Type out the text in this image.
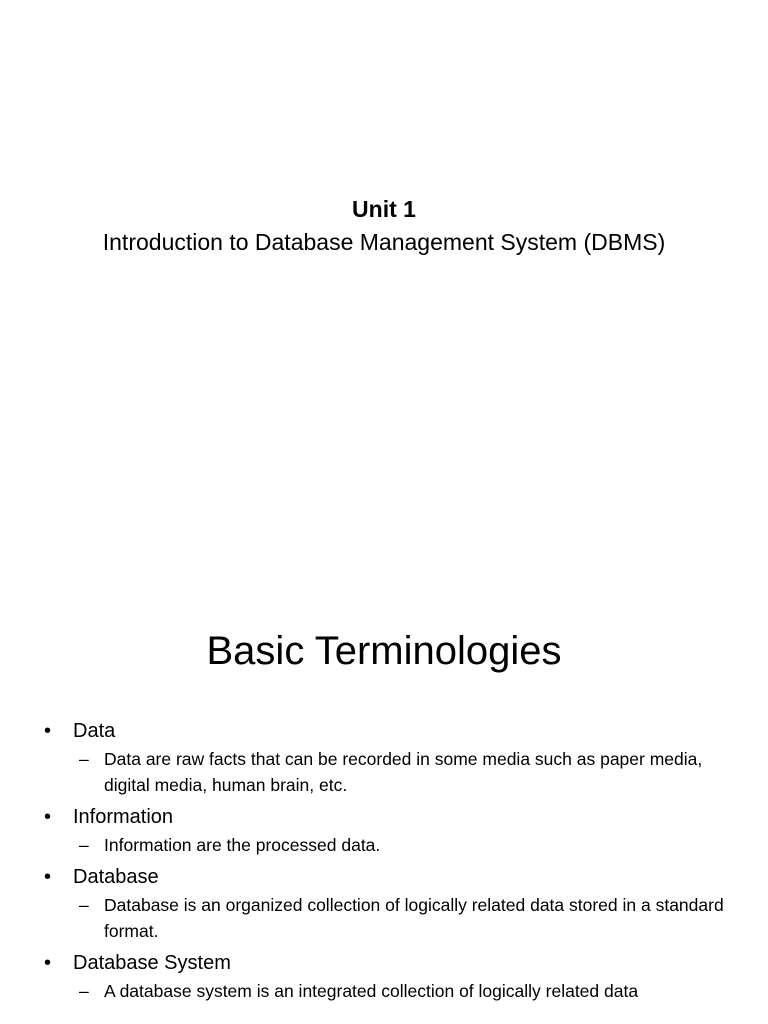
Unit 1
Introduction to Database Management System (DBMS)
Basic Terminologies
• Data
– Data are raw facts that can be recorded in some media such as paper media, digital media, human brain, etc.
• Information
– Information are the processed data.
• Database
– Database is an organized collection of logically related data stored in a standard format.
• Database System
– A database system is an integrated collection of logically related data
